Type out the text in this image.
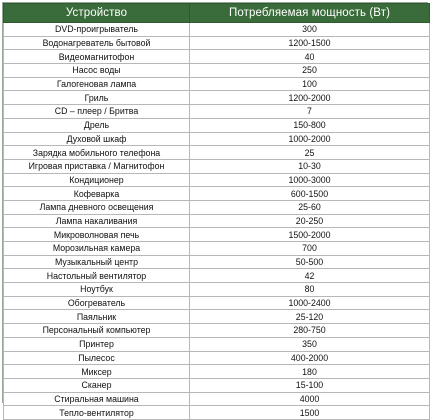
Устройство	Потребляемая мощность (Вт)
DVD-проигрыватель	300
Водонагреватель бытовой	1200-1500
Видеомагнитофон	40
Насос воды	250
Галогеновая лампа	100
Гриль	1200-2000
CD – плеер / Бритва	7
Дрель	150-800
Духовой шкаф	1000-2000
Зарядка мобильного телефона	25
Игровая приставка / Магнитофон	10-30
Кондиционер	1000-3000
Кофеварка	600-1500
Лампа дневного освещения	25-60
Лампа накаливания	20-250
Микроволновая печь	1500-2000
Морозильная камера	700
Музыкальный центр	50-500
Настольный вентилятор	42
Ноутбук	80
Обогреватель	1000-2400
Паяльник	25-120
Персональный компьютер	280-750
Принтер	350
Пылесос	400-2000
Миксер	180
Сканер	15-100
Стиральная машина	4000
Тепло-вентилятор	1500
